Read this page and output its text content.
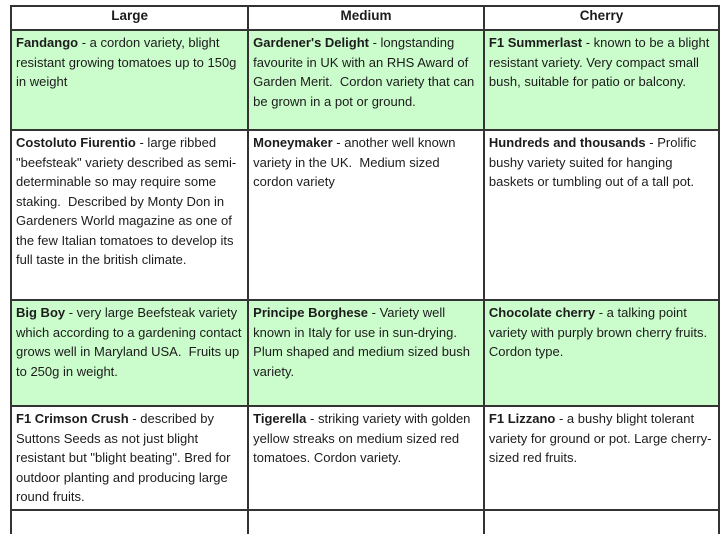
Large	Medium	Cherry
Fandango - a cordon variety, blight resistant growing tomatoes up to 150g in weight	Gardener's Delight - longstanding favourite in UK with an RHS Award of Garden Merit.  Cordon variety that can be grown in a pot or ground.	F1 Summerlast - known to be a blight resistant variety. Very compact small bush, suitable for patio or balcony.
Costoluto Fiurentio - large ribbed "beefsteak" variety described as semi-determinable so may require some staking.  Described by Monty Don in Gardeners World magazine as one of the few Italian tomatoes to develop its full taste in the british climate.	Moneymaker - another well known variety in the UK.  Medium sized cordon variety	Hundreds and thousands - Prolific bushy variety suited for hanging baskets or tumbling out of a tall pot.
Big Boy - very large Beefsteak variety which according to a gardening contact grows well in Maryland USA.  Fruits up to 250g in weight.	Principe Borghese - Variety well known in Italy for use in sun-drying. Plum shaped and medium sized bush variety.	Chocolate cherry - a talking point variety with purply brown cherry fruits. Cordon type.
F1 Crimson Crush - described by Suttons Seeds as not just blight resistant but "blight beating". Bred for outdoor planting and producing large round fruits.	Tigerella - striking variety with golden yellow streaks on medium sized red tomatoes. Cordon variety.	F1 Lizzano - a bushy blight tolerant variety for ground or pot. Large cherry-sized red fruits.
